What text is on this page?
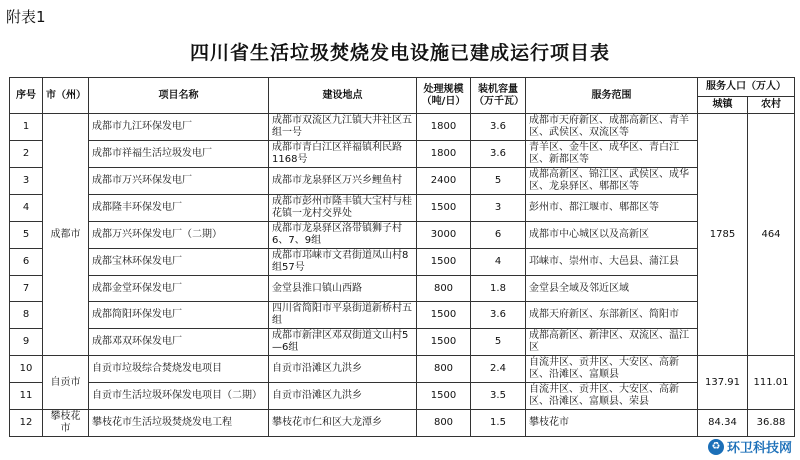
附表1
四川省生活垃圾焚烧发电设施已建成运行项目表
序号	市（州）	项目名称	建设地点	处理规模（吨/日）	装机容量（万千瓦）	服务范围	服务人口（万人）	
							城镇	农村
1	成都市	成都市九江环保发电厂	成都市双流区九江镇大井社区五组一号	1800	3.6	成都市天府新区、成都高新区、青羊区、武侯区、双流区等	1785	464
2		成都市祥福生活垃圾发电厂	成都市青白江区祥福镇利民路1168号	1800	3.6	青羊区、金牛区、成华区、青白江区、新都区等		
3		成都市万兴环保发电厂	成都市龙泉驿区万兴乡鲤鱼村	2400	5	成都高新区、锦江区、武侯区、成华区、龙泉驿区、郫都区等		
4		成都隆丰环保发电厂	成都市彭州市隆丰镇大宝村与桂花镇一龙村交界处	1500	3	彭州市、都江堰市、郫都区等		
5		成都万兴环保发电厂（二期）	成都市龙泉驿区洛带镇狮子村6、7、9组	3000	6	成都市中心城区以及高新区		
6		成都宝林环保发电厂	成都市邛崃市文君街道凤山村8组57号	1500	4	邛崃市、崇州市、大邑县、蒲江县		
7		成都金堂环保发电厂	金堂县淮口镇山西路	800	1.8	金堂县全域及邻近区域		
8		成都简阳环保发电厂	四川省简阳市平泉街道新桥村五组	1500	3.6	成都天府新区、东部新区、简阳市		
9		成都邓双环保发电厂	成都市新津区邓双街道文山村5—6组	1500	5	成都高新区、新津区、双流区、温江区		
10	自贡市	自贡市垃圾综合焚烧发电项目	自贡市沿滩区九洪乡	800	2.4	自流井区、贡井区、大安区、高新区、沿滩区、富顺县	137.91	111.01
11		自贡市生活垃圾环保发电项目（二期）	自贡市沿滩区九洪乡	1500	3.5	自流井区、贡井区、大安区、高新区、沿滩区、富顺县、荣县		
12	攀枝花市	攀枝花市生活垃圾焚烧发电工程	攀枝花市仁和区大龙潭乡	800	1.5	攀枝花市	84.34	36.88
♻ 环卫科技网
